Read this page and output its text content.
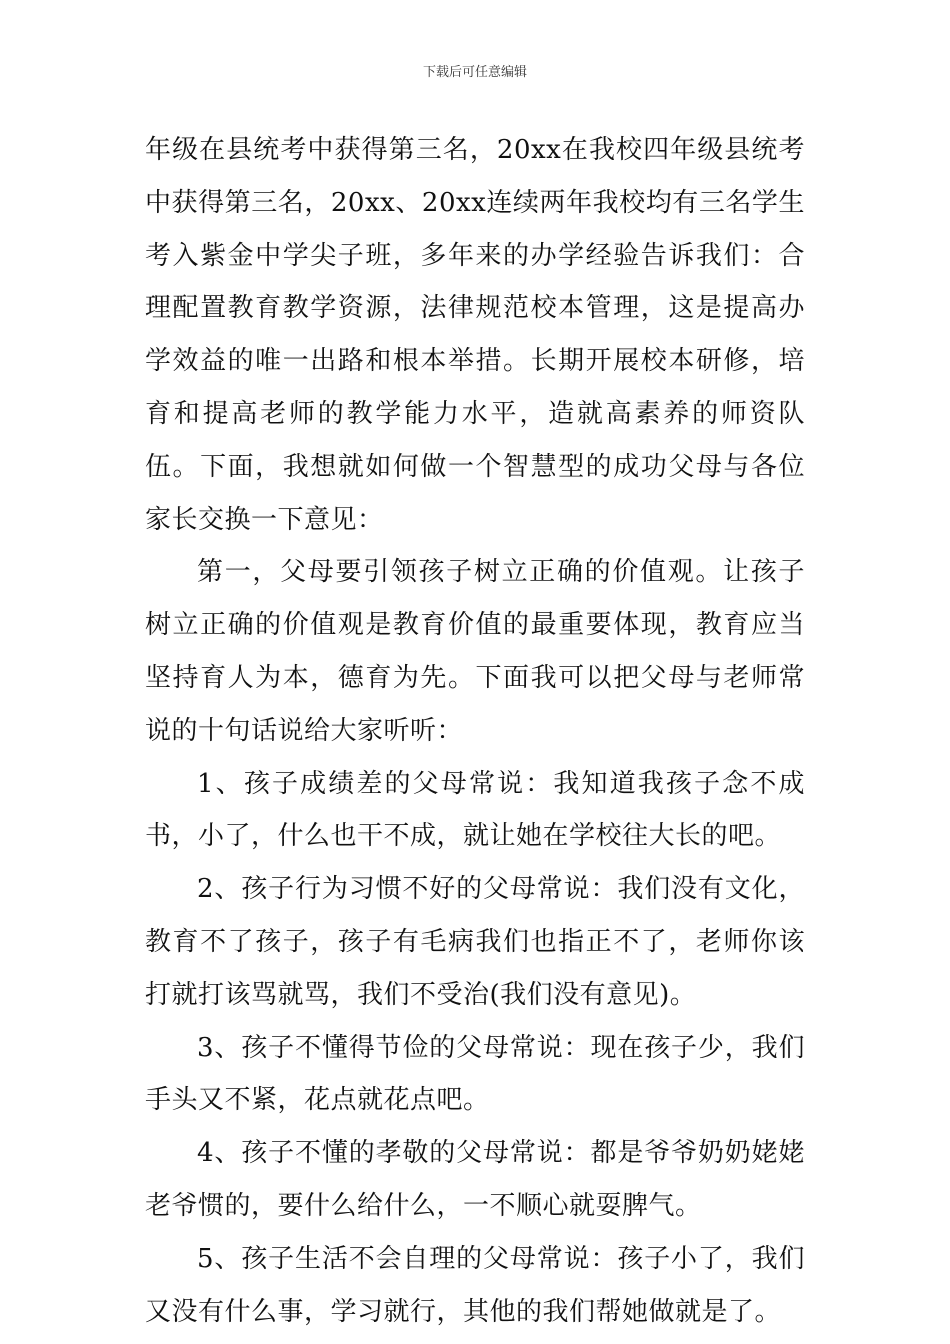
下载后可任意编辑

年级在县统考中获得第三名，20xx在我校四年级县统考中获得第三名，20xx、20xx连续两年我校均有三名学生考入紫金中学尖子班，多年来的办学经验告诉我们：合理配置教育教学资源，法律规范校本管理，这是提高办学效益的唯一出路和根本举措。长期开展校本研修，培育和提高老师的教学能力水平，造就高素养的师资队伍。下面，我想就如何做一个智慧型的成功父母与各位家长交换一下意见：

第一，父母要引领孩子树立正确的价值观。让孩子树立正确的价值观是教育价值的最重要体现，教育应当坚持育人为本，德育为先。下面我可以把父母与老师常说的十句话说给大家听听：

1、孩子成绩差的父母常说：我知道我孩子念不成书，小了，什么也干不成，就让她在学校往大长的吧。

2、孩子行为习惯不好的父母常说：我们没有文化，教育不了孩子，孩子有毛病我们也指正不了，老师你该打就打该骂就骂，我们不受治(我们没有意见)。

3、孩子不懂得节俭的父母常说：现在孩子少，我们手头又不紧，花点就花点吧。

4、孩子不懂的孝敬的父母常说：都是爷爷奶奶姥姥老爷惯的，要什么给什么，一不顺心就耍脾气。

5、孩子生活不会自理的父母常说：孩子小了，我们又没有什么事，学习就行，其他的我们帮她做就是了。
